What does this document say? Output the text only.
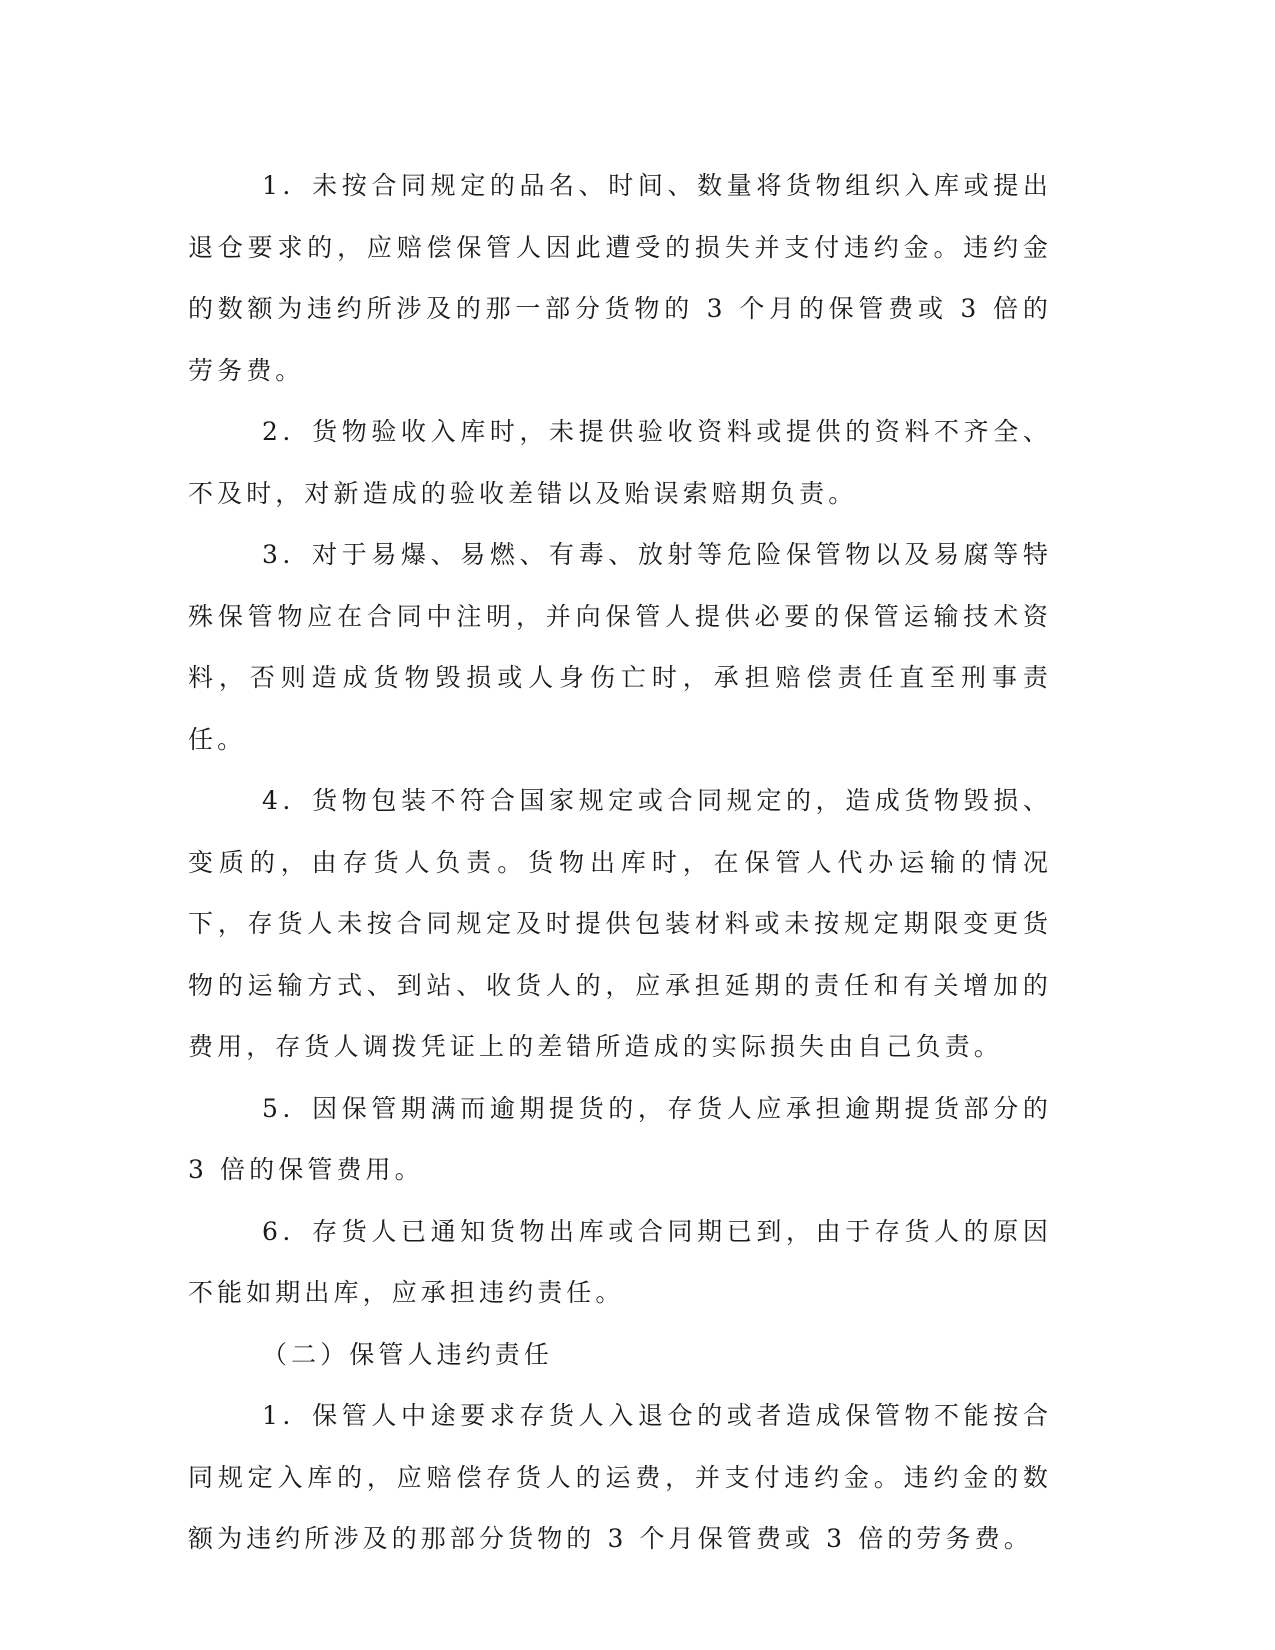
1．未按合同规定的品名、时间、数量将货物组织入库或提出退仓要求的，应赔偿保管人因此遭受的损失并支付违约金。违约金的数额为违约所涉及的那一部分货物的 3 个月的保管费或 3 倍的劳务费。

2．货物验收入库时，未提供验收资料或提供的资料不齐全、不及时，对新造成的验收差错以及贻误索赔期负责。

3．对于易爆、易燃、有毒、放射等危险保管物以及易腐等特殊保管物应在合同中注明，并向保管人提供必要的保管运输技术资料，否则造成货物毁损或人身伤亡时，承担赔偿责任直至刑事责任。

4．货物包装不符合国家规定或合同规定的，造成货物毁损、变质的，由存货人负责。货物出库时，在保管人代办运输的情况下，存货人未按合同规定及时提供包装材料或未按规定期限变更货物的运输方式、到站、收货人的，应承担延期的责任和有关增加的费用，存货人调拨凭证上的差错所造成的实际损失由自己负责。

5．因保管期满而逾期提货的，存货人应承担逾期提货部分的 3 倍的保管费用。

6．存货人已通知货物出库或合同期已到，由于存货人的原因不能如期出库，应承担违约责任。

（二）保管人违约责任

1．保管人中途要求存货人入退仓的或者造成保管物不能按合同规定入库的，应赔偿存货人的运费，并支付违约金。违约金的数额为违约所涉及的那部分货物的 3 个月保管费或 3 倍的劳务费。
